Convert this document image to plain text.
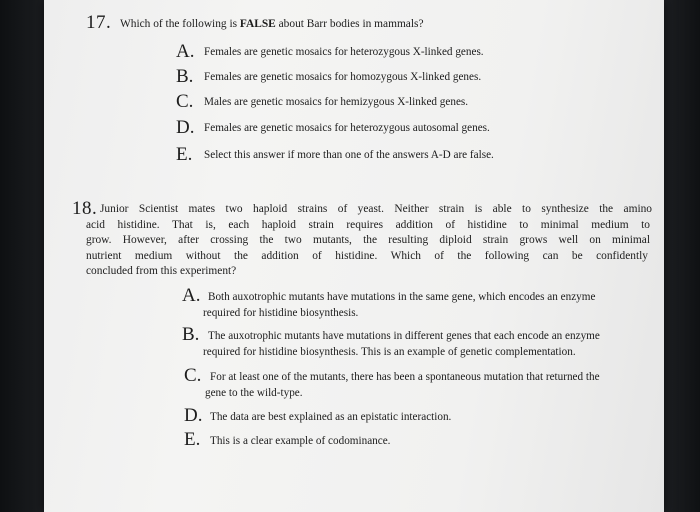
17. Which of the following is FALSE about Barr bodies in mammals?
A. Females are genetic mosaics for heterozygous X-linked genes.
B. Females are genetic mosaics for homozygous X-linked genes.
C. Males are genetic mosaics for hemizygous X-linked genes.
D. Females are genetic mosaics for heterozygous autosomal genes.
E. Select this answer if more than one of the answers A-D are false.
18. Junior Scientist mates two haploid strains of yeast. Neither strain is able to synthesize the amino
acid histidine. That is, each haploid strain requires addition of histidine to minimal medium to
grow. However, after crossing the two mutants, the resulting diploid strain grows well on minimal
nutrient medium without the addition of histidine. Which of the following can be confidently
concluded from this experiment?
A. Both auxotrophic mutants have mutations in the same gene, which encodes an enzyme
required for histidine biosynthesis.
B. The auxotrophic mutants have mutations in different genes that each encode an enzyme
required for histidine biosynthesis. This is an example of genetic complementation.
C. For at least one of the mutants, there has been a spontaneous mutation that returned the
gene to the wild-type.
D. The data are best explained as an epistatic interaction.
E. This is a clear example of codominance.
